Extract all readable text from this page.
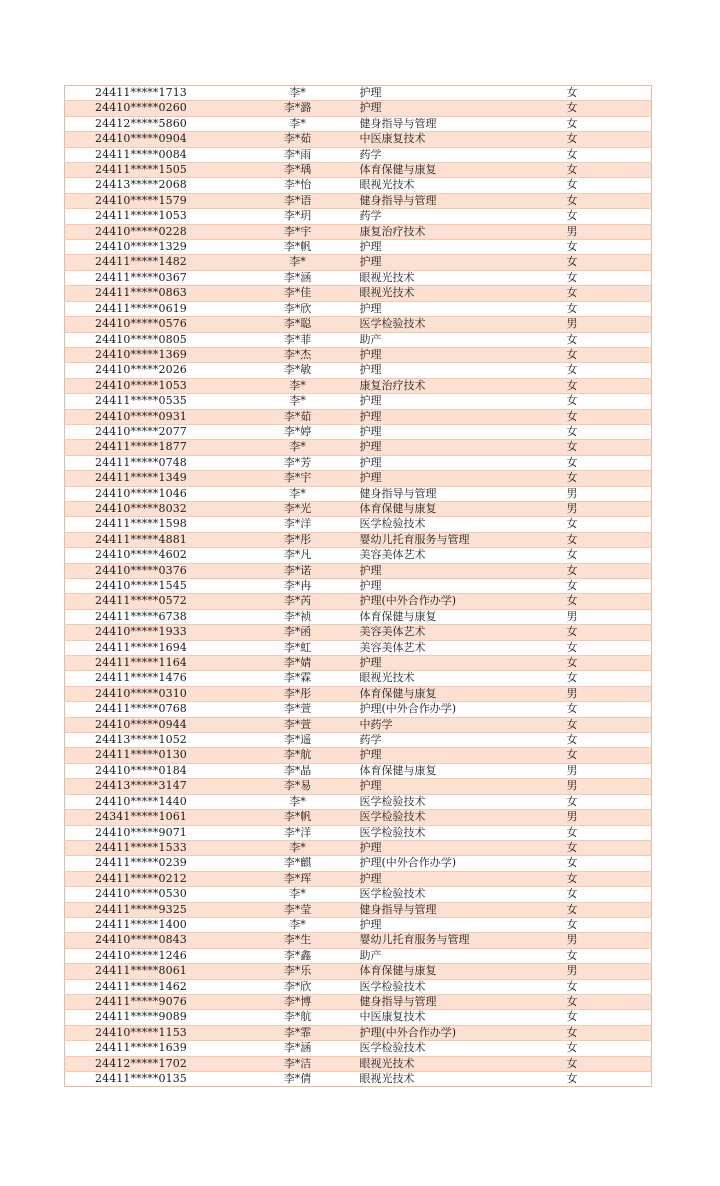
24411*****1713	李*	护理	女
24410*****0260	李*潞	护理	女
24412*****5860	李*	健身指导与管理	女
24410*****0904	李*茹	中医康复技术	女
24411*****0084	李*雨	药学	女
24411*****1505	李*瑀	体育保健与康复	女
24413*****2068	李*怡	眼视光技术	女
24410*****1579	李*语	健身指导与管理	女
24411*****1053	李*玥	药学	女
24410*****0228	李*宇	康复治疗技术	男
24410*****1329	李*帆	护理	女
24411*****1482	李*	护理	女
24411*****0367	李*涵	眼视光技术	女
24411*****0863	李*佳	眼视光技术	女
24411*****0619	李*欣	护理	女
24410*****0576	李*聪	医学检验技术	男
24410*****0805	李*菲	助产	女
24410*****1369	李*杰	护理	女
24410*****2026	李*敏	护理	女
24410*****1053	李*	康复治疗技术	女
24411*****0535	李*	护理	女
24410*****0931	李*茹	护理	女
24410*****2077	李*婷	护理	女
24411*****1877	李*	护理	女
24411*****0748	李*芳	护理	女
24411*****1349	李*宇	护理	女
24410*****1046	李*	健身指导与管理	男
24410*****8032	李*光	体育保健与康复	男
24411*****1598	李*洋	医学检验技术	女
24411*****4881	李*彤	婴幼儿托育服务与管理	女
24410*****4602	李*凡	美容美体艺术	女
24410*****0376	李*诺	护理	女
24410*****1545	李*冉	护理	女
24411*****0572	李*芮	护理(中外合作办学)	女
24411*****6738	李*祯	体育保健与康复	男
24410*****1933	李*函	美容美体艺术	女
24411*****1694	李*虹	美容美体艺术	女
24411*****1164	李*婧	护理	女
24411*****1476	李*霖	眼视光技术	女
24410*****0310	李*彤	体育保健与康复	男
24411*****0768	李*萱	护理(中外合作办学)	女
24410*****0944	李*萱	中药学	女
24413*****1052	李*遥	药学	女
24411*****0130	李*航	护理	女
24410*****0184	李*晶	体育保健与康复	男
24413*****3147	李*易	护理	男
24410*****1440	李*	医学检验技术	女
24341*****1061	李*帆	医学检验技术	男
24410*****9071	李*洋	医学检验技术	女
24411*****1533	李*	护理	女
24411*****0239	李*麒	护理(中外合作办学)	女
24411*****0212	李*珲	护理	女
24410*****0530	李*	医学检验技术	女
24411*****9325	李*莹	健身指导与管理	女
24411*****1400	李*	护理	女
24410*****0843	李*生	婴幼儿托育服务与管理	男
24410*****1246	李*鑫	助产	女
24411*****8061	李*乐	体育保健与康复	男
24411*****1462	李*欣	医学检验技术	女
24411*****9076	李*博	健身指导与管理	女
24411*****9089	李*航	中医康复技术	女
24410*****1153	李*霏	护理(中外合作办学)	女
24411*****1639	李*涵	医学检验技术	女
24412*****1702	李*洁	眼视光技术	女
24411*****0135	李*倩	眼视光技术	女
